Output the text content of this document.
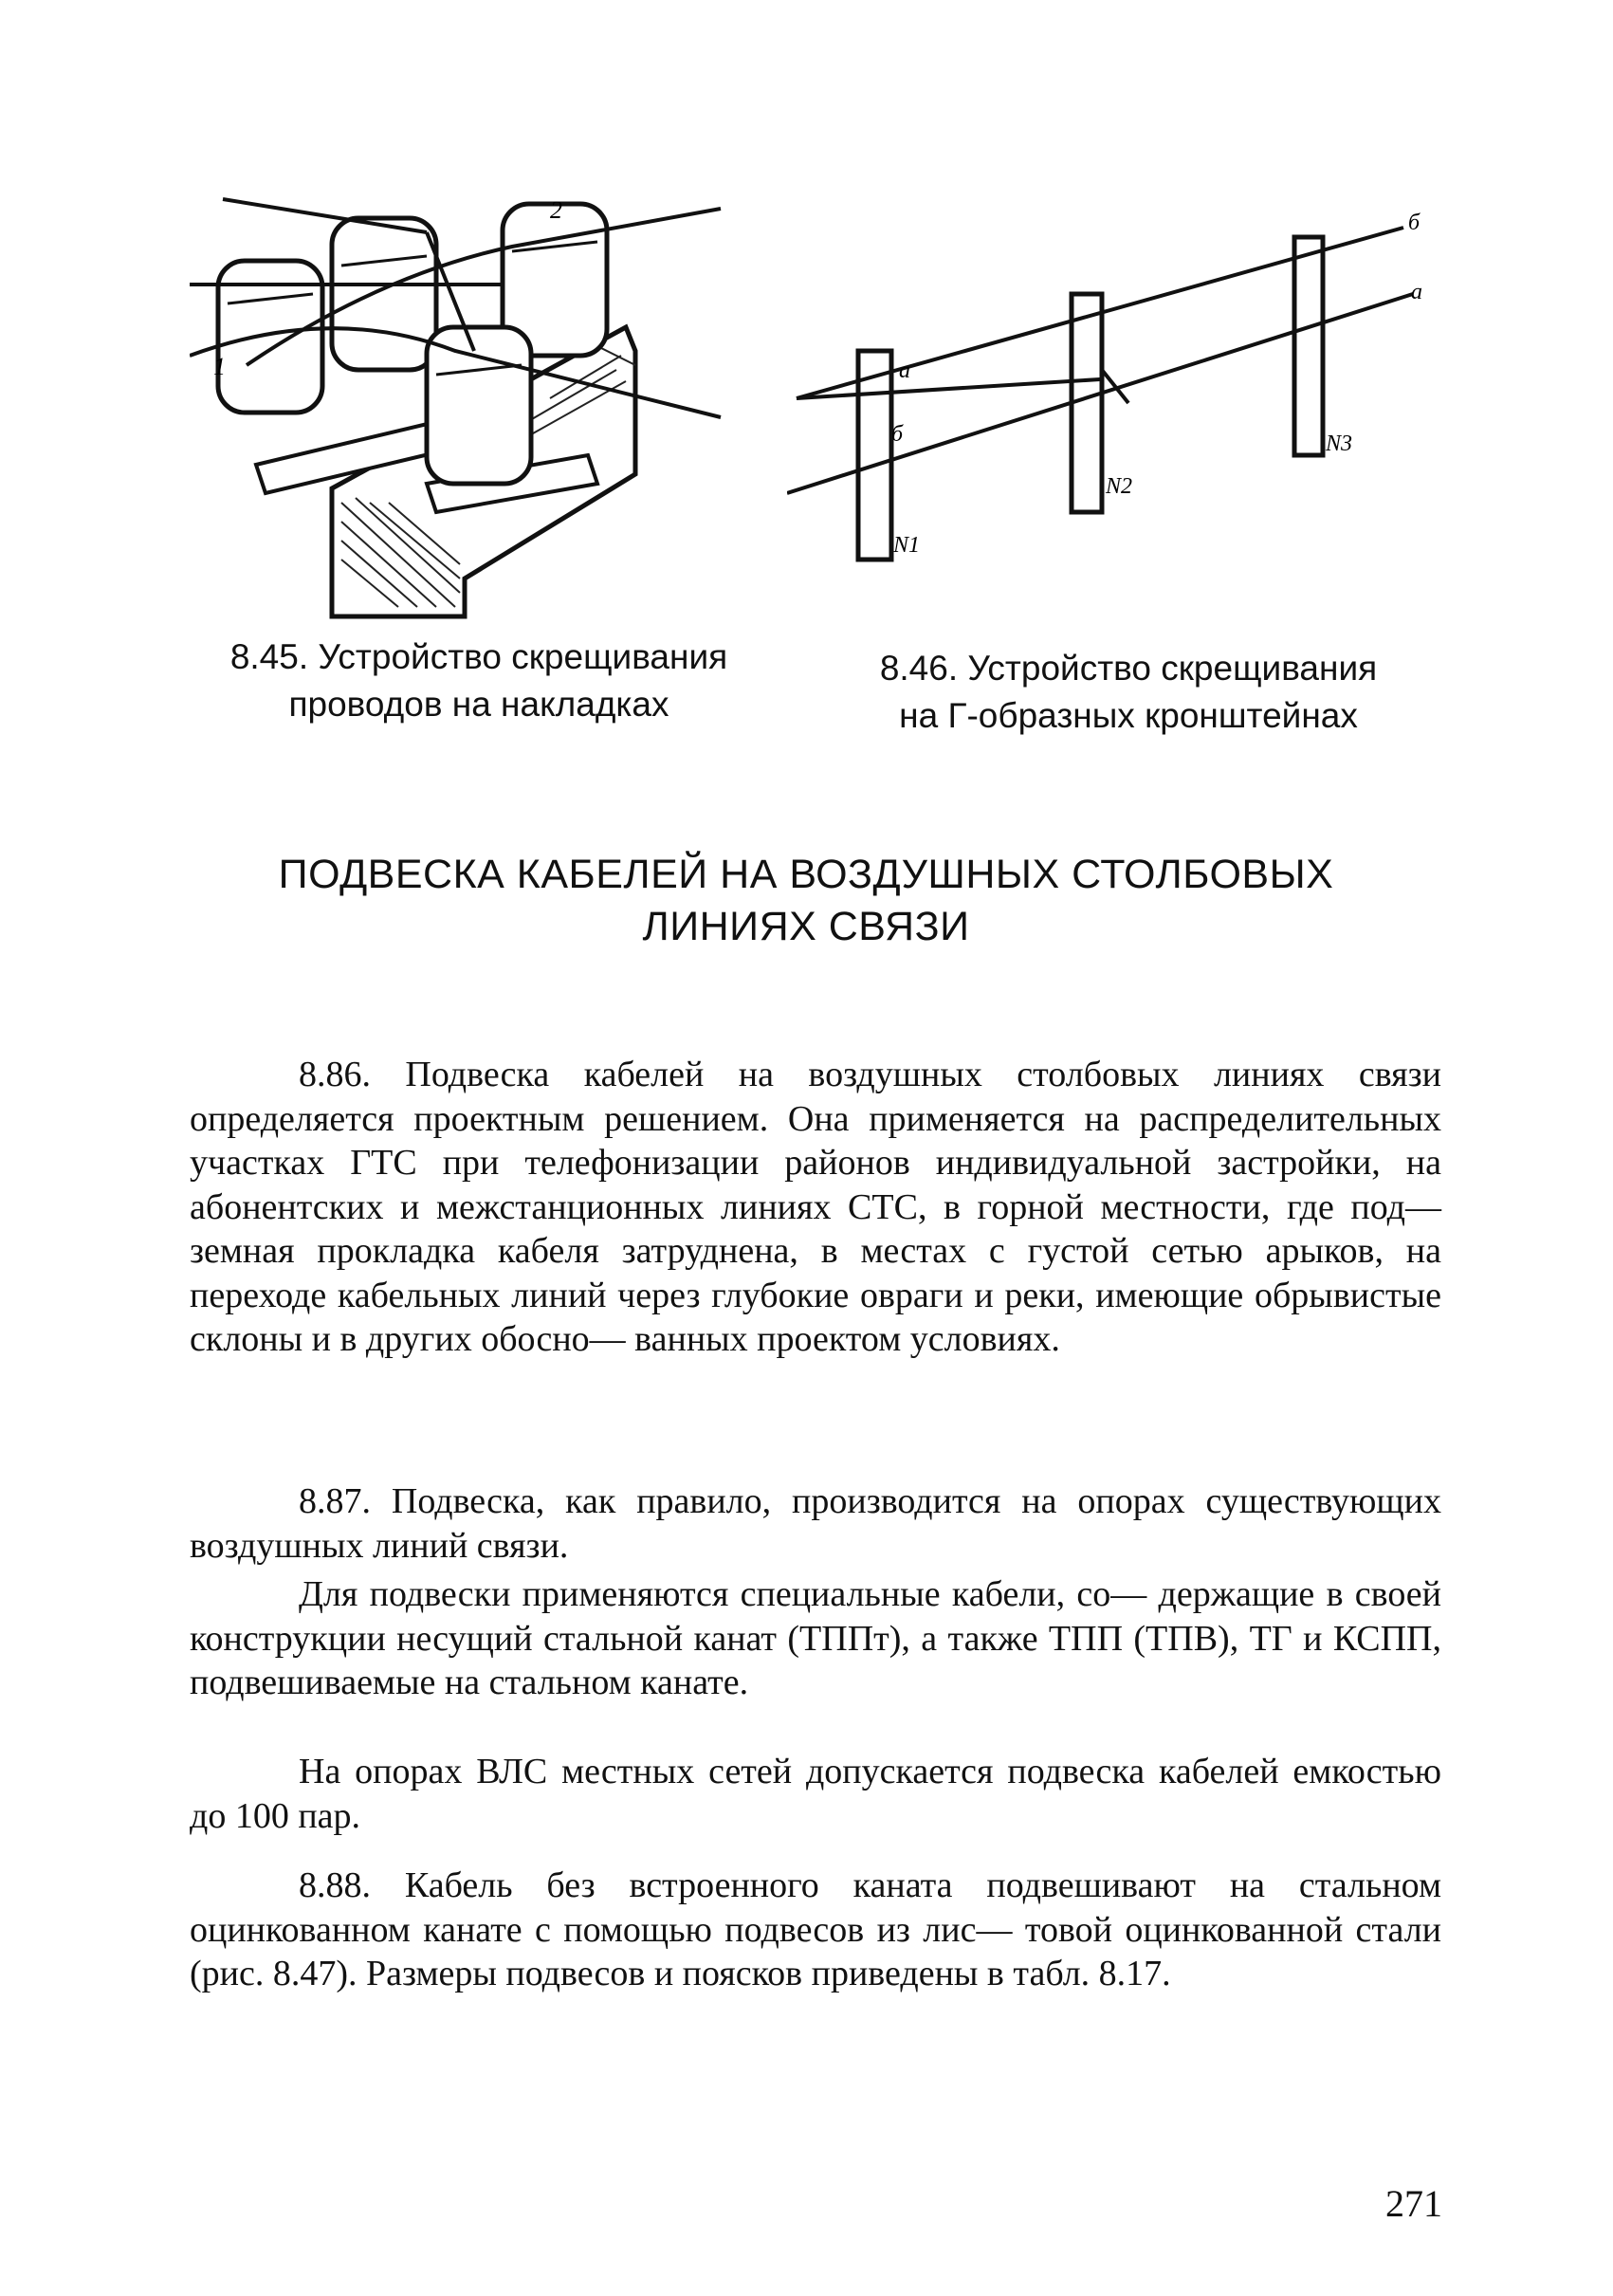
1
2
а
б
б
а
N1
N2
N3
8.45. Устройство скрещивания
проводов на накладках
8.46. Устройство скрещивания
на Г-образных кронштейнах
ПОДВЕСКА КАБЕЛЕЙ НА ВОЗДУШНЫХ СТОЛБОВЫХ
ЛИНИЯХ СВЯЗИ

8.86. Подвеска кабелей на воздушных столбовых линиях связи определяется проектным решением. Она применяется на распределительных участках ГТС при телефонизации районов индивидуальной застройки, на абонентских и межстанционных линиях СТС, в горной местности, где под— земная прокладка кабеля затруднена, в местах с густой сетью арыков, на переходе кабельных линий через глубокие овраги и реки, имеющие обрывистые склоны и в других обосно— ванных проектом условиях.

8.87. Подвеска, как правило, производится на опорах существующих воздушных линий связи.

Для подвески применяются специальные кабели, со— держащие в своей конструкции несущий стальной канат (ТППт), а также ТПП (ТПВ), ТГ и КСПП, подвешиваемые на стальном канате.

На опорах ВЛС местных сетей допускается подвеска кабелей емкостью до 100 пар.

8.88. Кабель без встроенного каната подвешивают на стальном оцинкованном канате с помощью подвесов из лис— товой оцинкованной стали (рис. 8.47). Размеры подвесов и поясков приведены в табл. 8.17.

271
